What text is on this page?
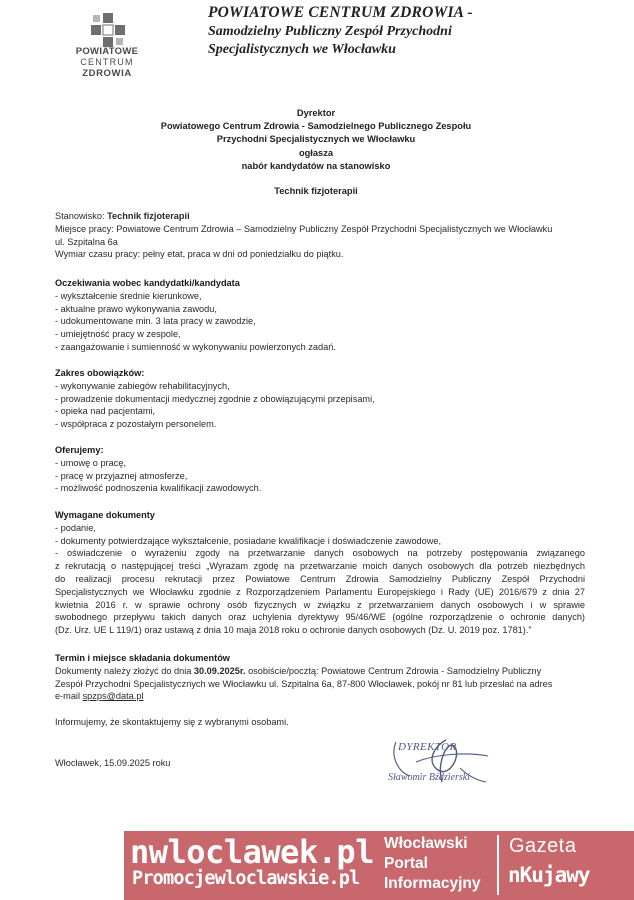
POWIATOWE
CENTRUM
ZDROWIA
POWIATOWE CENTRUM ZDROWIA -
Samodzielny Publiczny Zespół Przychodni
Specjalistycznych we Włocławku
Dyrektor
Powiatowego Centrum Zdrowia - Samodzielnego Publicznego Zespołu
Przychodni Specjalistycznych we Włocławku
ogłasza
nabór kandydatów na stanowisko
Technik fizjoterapii
Stanowisko: Technik fizjoterapii
Miejsce pracy: Powiatowe Centrum Zdrowia – Samodzielny Publiczny Zespół Przychodni Specjalistycznych we Włocławku
ul. Szpitalna 6a
Wymiar czasu pracy: pełny etat, praca w dni od poniedziałku do piątku.
Oczekiwania wobec kandydatki/kandydata
- wykształcenie średnie kierunkowe,
- aktualne prawo wykonywania zawodu,
- udokumentowane min. 3 lata pracy w zawodzie,
- umiejętność pracy w zespole,
- zaangażowanie i sumienność w wykonywaniu powierzonych zadań.
Zakres obowiązków:
- wykonywanie zabiegów rehabilitacyjnych,
- prowadzenie dokumentacji medycznej zgodnie z obowiązującymi przepisami,
- opieka nad pacjentami,
- współpraca z pozostałym personelem.
Oferujemy:
- umowę o pracę,
- pracę w przyjaznej atmosferze,
- możliwość podnoszenia kwalifikacji zawodowych.
Wymagane dokumenty
- podanie,
- dokumenty potwierdzające wykształcenie, posiadane kwalifikacje i doświadczenie zawodowe,
- oświadczenie o wyrażeniu zgody na przetwarzanie danych osobowych na potrzeby postępowania związanego
z rekrutacją o następującej treści „Wyrażam zgodę na przetwarzanie moich danych osobowych dla potrzeb niezbędnych
do realizacji procesu rekrutacji przez Powiatowe Centrum Zdrowia Samodzielny Publiczny Zespół Przychodni
Specjalistycznych we Włocławku zgodnie z Rozporządzeniem Parlamentu Europejskiego i Rady (UE) 2016/679 z dnia 27
kwietnia 2016 r. w sprawie ochrony osób fizycznych w związku z przetwarzaniem danych osobowych i w sprawie
swobodnego przepływu takich danych oraz uchylenia dyrektywy 95/46/WE (ogólne rozporządzenie o ochronie danych)
(Dz. Urz. UE L 119/1) oraz ustawą z dnia 10 maja 2018 roku o ochronie danych osobowych (Dz. U. 2019 poz. 1781).”
Termin i miejsce składania dokumentów
Dokumenty należy złożyć do dnia 30.09.2025r. osobiście/pocztą: Powiatowe Centrum Zdrowia - Samodzielny Publiczny
Zespół Przychodni Specjalistycznych we Włocławku ul. Szpitalna 6a, 87-800 Włocławek, pokój nr 81 lub przesłać na adres
e-mail spzps@data.pl
Informujemy, że skontaktujemy się z wybranymi osobami.
Włocławek, 15.09.2025 roku
DYREKTOR
Sławomir Bździerski
nwloclawek.pl
Promocjewloclawskie.pl
Włocławski
Portal
Informacyjny
Gazeta
nKujawy
